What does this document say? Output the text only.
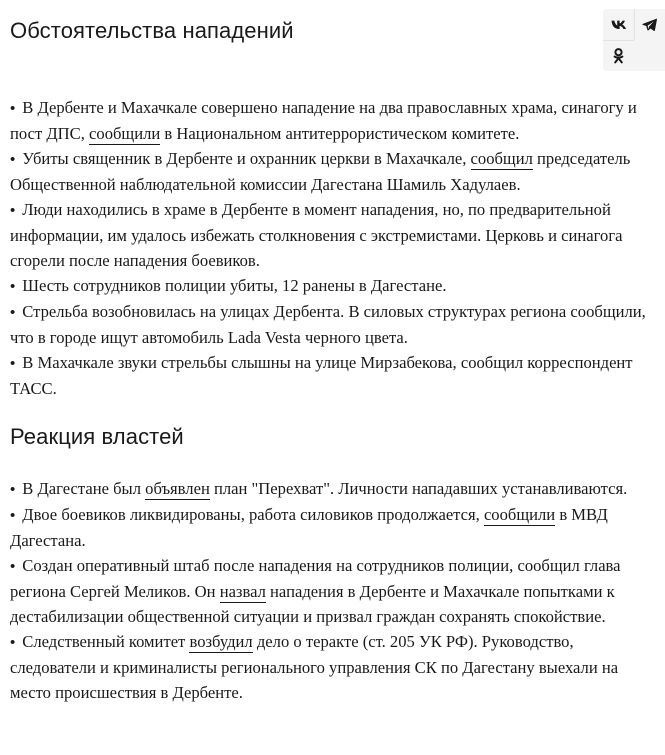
Обстоятельства нападений
• В Дербенте и Махачкале совершено нападение на два православных храма, синагогу и пост ДПС, сообщили в Национальном антитеррористическом комитете.
• Убиты священник в Дербенте и охранник церкви в Махачкале, сообщил председатель Общественной наблюдательной комиссии Дагестана Шамиль Хадулаев.
• Люди находились в храме в Дербенте в момент нападения, но, по предварительной информации, им удалось избежать столкновения с экстремистами. Церковь и синагога сгорели после нападения боевиков.
• Шесть сотрудников полиции убиты, 12 ранены в Дагестане.
• Стрельба возобновилась на улицах Дербента. В силовых структурах региона сообщили, что в городе ищут автомобиль Lada Vesta черного цвета.
• В Махачкале звуки стрельбы слышны на улице Мирзабекова, сообщил корреспондент ТАСС.
Реакция властей
• В Дагестане был объявлен план "Перехват". Личности нападавших устанавливаются.
• Двое боевиков ликвидированы, работа силовиков продолжается, сообщили в МВД Дагестана.
• Создан оперативный штаб после нападения на сотрудников полиции, сообщил глава региона Сергей Меликов. Он назвал нападения в Дербенте и Махачкале попытками к дестабилизации общественной ситуации и призвал граждан сохранять спокойствие.
• Следственный комитет возбудил дело о теракте (ст. 205 УК РФ). Руководство, следователи и криминалисты регионального управления СК по Дагестану выехали на место происшествия в Дербенте.
